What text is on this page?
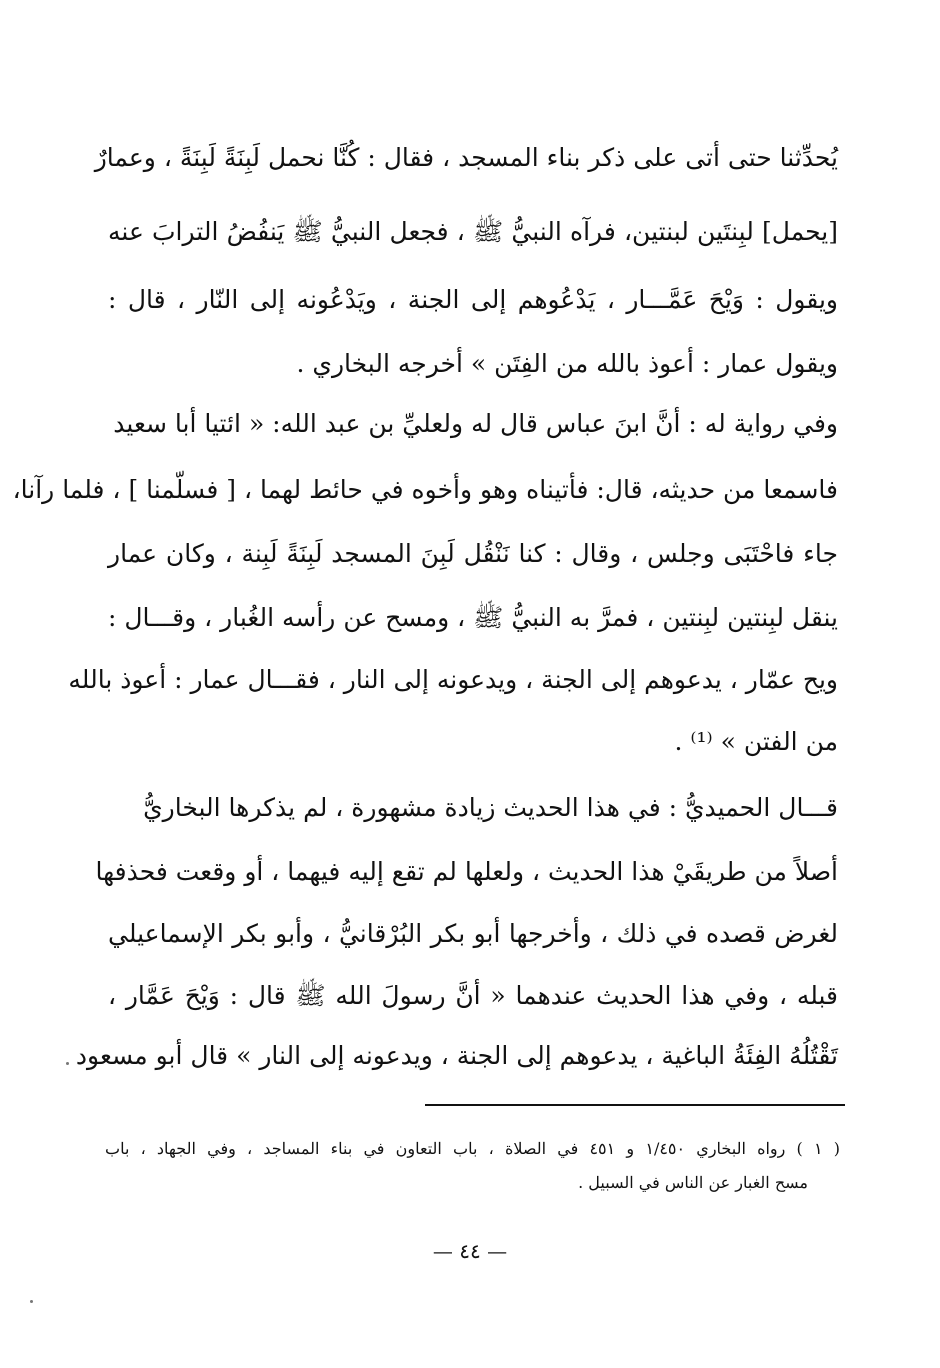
يُحدِّثنا حتى أتى على ذكر بناء المسجد ، فقال : كُنَّا نحمل لَبِنَةً لَبِنَةً ، وعمارٌ
[يحمل] لبِنتَين لبنتين، فرآه النبيُّ ﷺ ، فجعل النبيُّ ﷺ يَنفُضُ الترابَ عنه
ويقول : وَيْحَ عَمَّـــار ، يَدْعُوهم إلى الجنة ، ويَدْعُونه إلى النّار ، قال :
ويقول عمار : أعوذ بالله من الفِتَن » أخرجه البخاري .
وفي رواية له : أنَّ ابنَ عباس قال له ولعليِّ بن عبد الله: « ائتيا أبا سعيد
فاسمعا من حديثه، قال: فأتيناه وهو وأخوه في حائط لهما ، [ فسلّمنا ] ، فلما رآنا،
جاء فاحْتَبَى وجلس ، وقال : كنا نَنْقُل لَبِنَ المسجد لَبِنَةً لَبِنة ، وكان عمار
ينقل لبِنتين لبِنتين ، فمرَّ به النبيُّ ﷺ ، ومسح عن رأسه الغُبار ، وقـــال :
ويح عمّار ، يدعوهم إلى الجنة ، ويدعونه إلى النار ، فقـــال عمار : أعوذ بالله
من الفتن » ⁽¹⁾ .
قـــال الحميديُّ : في هذا الحديث زيادة مشهورة ، لم يذكرها البخاريُّ
أصلاً من طريقَيْ هذا الحديث ، ولعلها لم تقع إليه فيهما ، أو وقعت فحذفها
لغرض قصده في ذلك ، وأخرجها أبو بكر البُرْقانيُّ ، وأبو بكر الإسماعيلي
قبله ، وفي هذا الحديث عندهما « أنَّ رسولَ الله ﷺ قال : وَيْحَ عَمَّار ،
تَقْتُلُهُ الفِئَةُ الباغية ، يدعوهم إلى الجنة ، ويدعونه إلى النار » قال أبو مسعود
( ١ ) رواه البخاري ١/٤٥٠ و ٤٥١ في الصلاة ، باب التعاون في بناء المساجد ، وفي الجهاد ، باب
مسح الغبار عن الناس في السبيل .
— ٤٤ —
